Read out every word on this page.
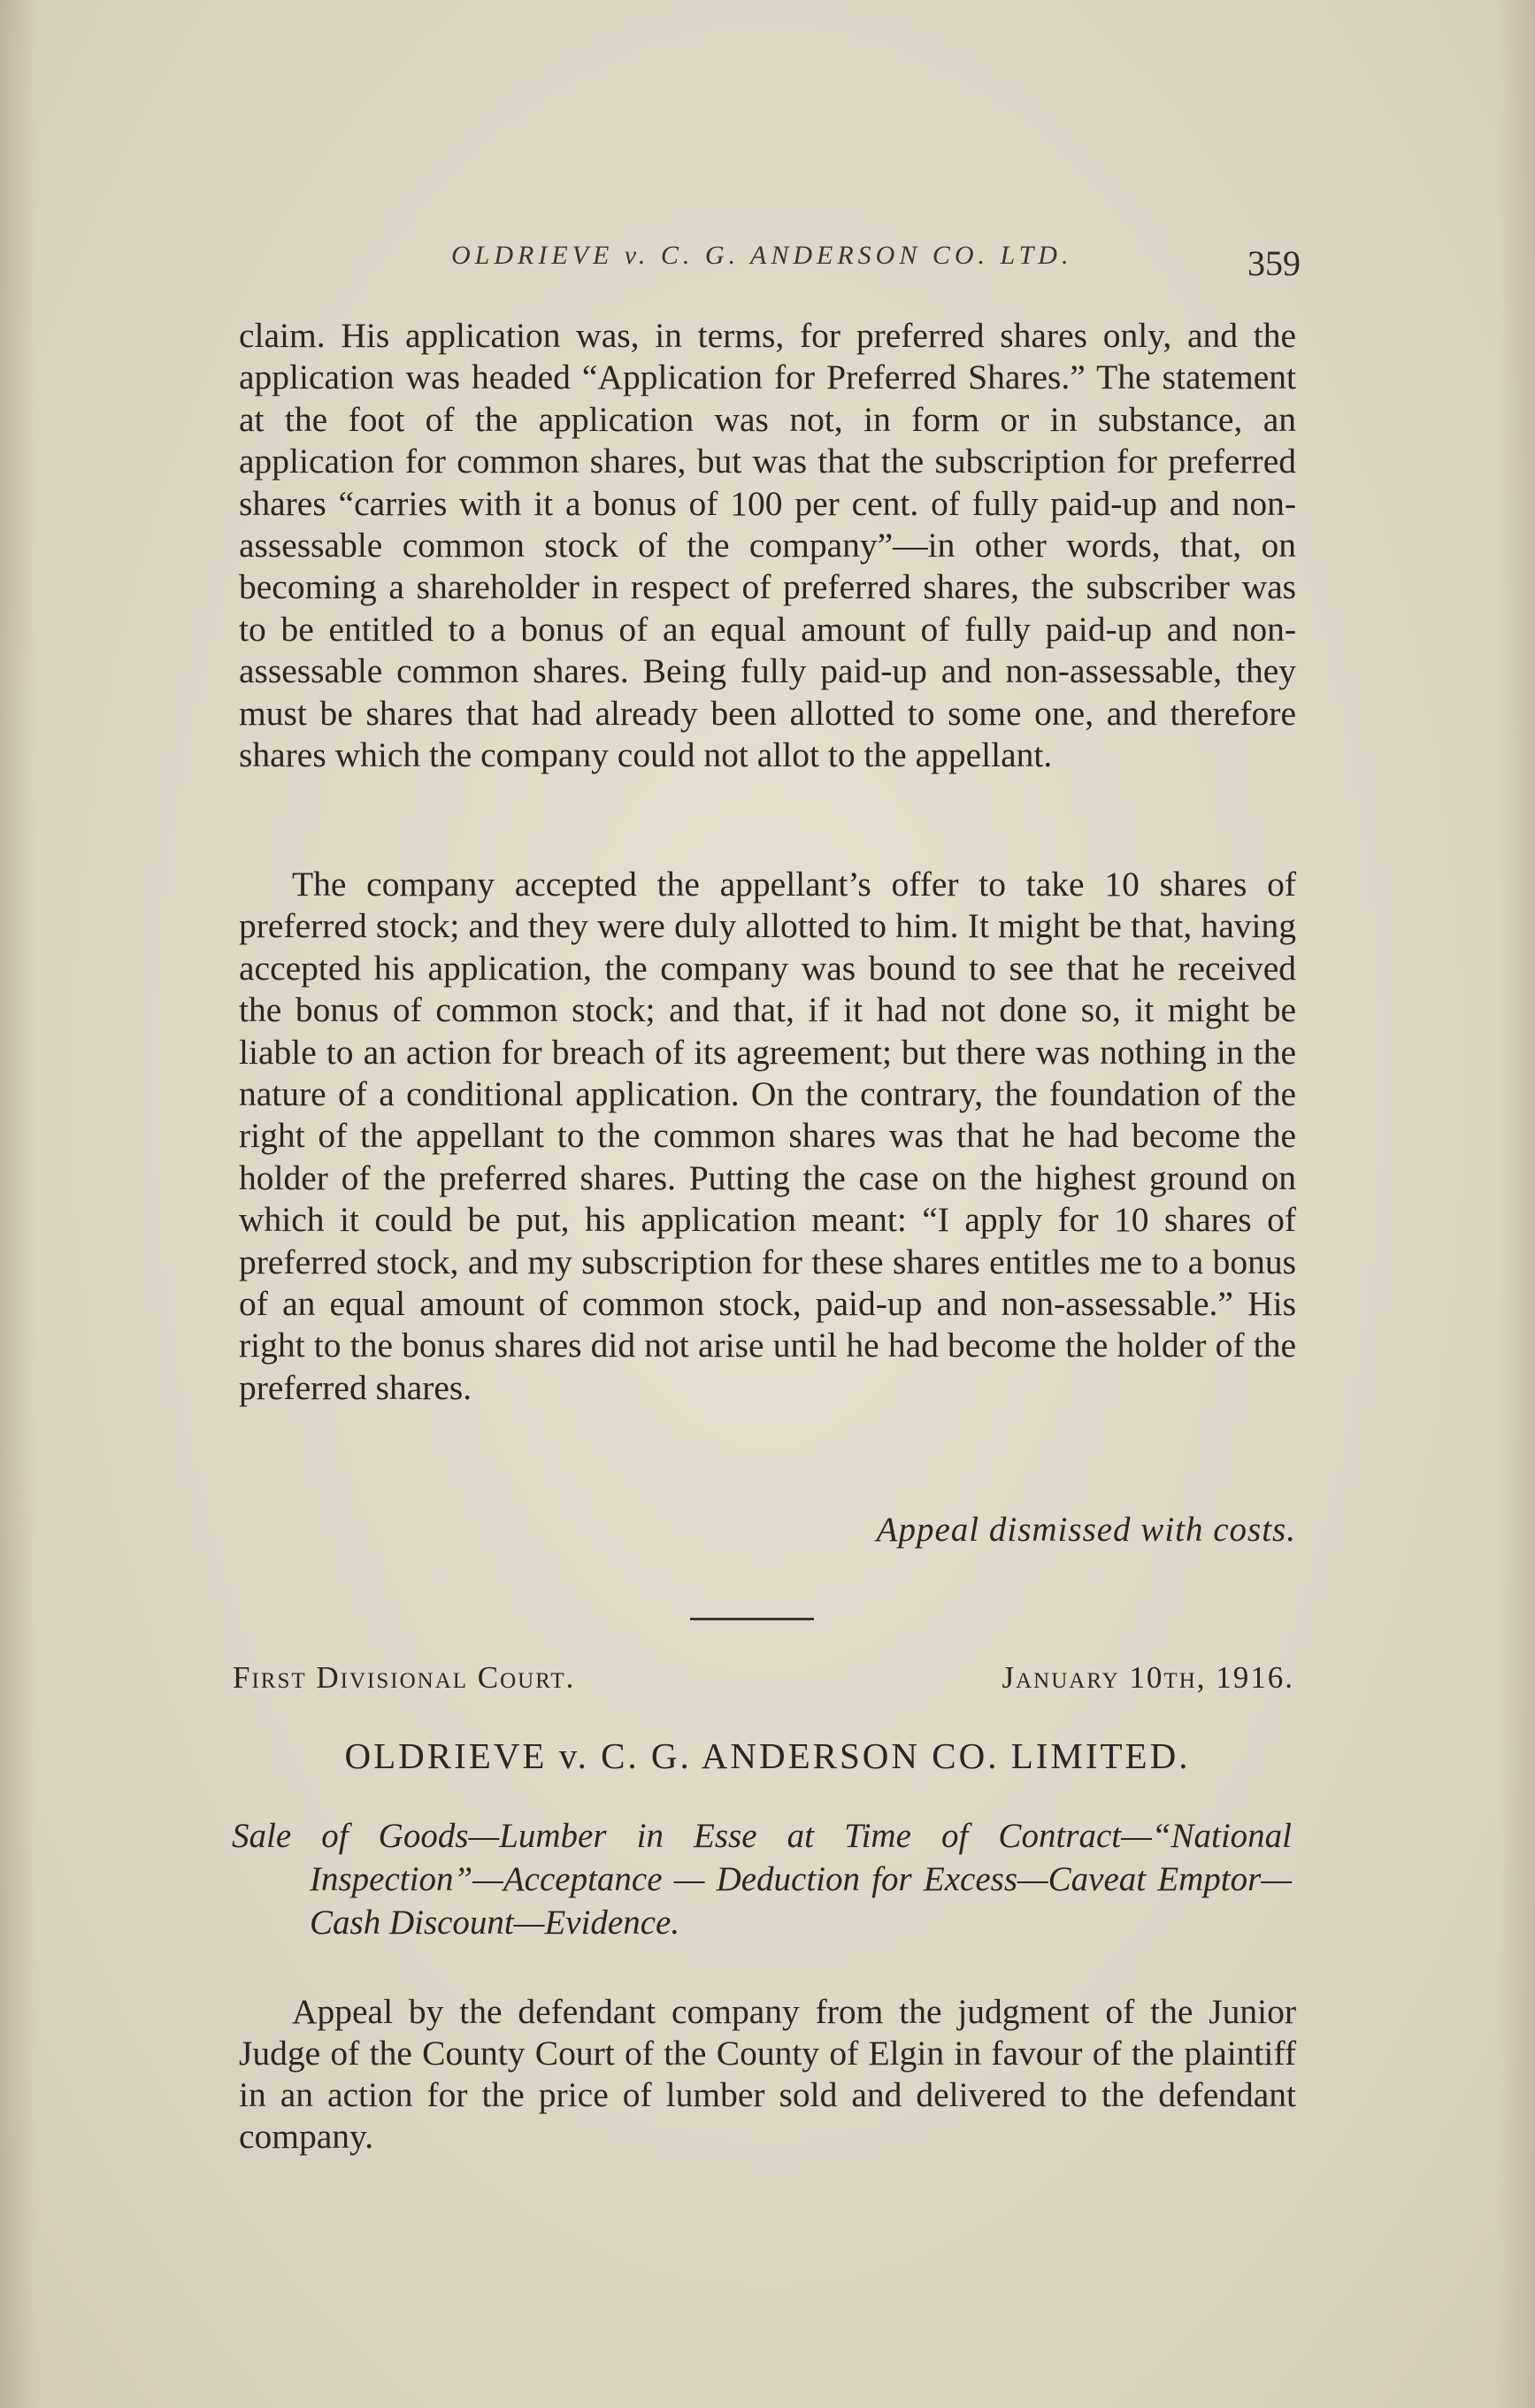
OLDRIEVE v. C. G. ANDERSON CO. LTD.	359

claim. His application was, in terms, for preferred shares only, and the application was headed “Application for Preferred Shares.” The statement at the foot of the application was not, in form or in substance, an application for common shares, but was that the subscription for preferred shares “carries with it a bonus of 100 per cent. of fully paid-up and non-assessable common stock of the company”—in other words, that, on becoming a shareholder in respect of preferred shares, the subscriber was to be entitled to a bonus of an equal amount of fully paid-up and non-assessable common shares. Being fully paid-up and non-assessable, they must be shares that had already been allotted to some one, and therefore shares which the company could not allot to the appellant.

The company accepted the appellant’s offer to take 10 shares of preferred stock; and they were duly allotted to him. It might be that, having accepted his application, the company was bound to see that he received the bonus of common stock; and that, if it had not done so, it might be liable to an action for breach of its agreement; but there was nothing in the nature of a conditional application. On the contrary, the foundation of the right of the appellant to the common shares was that he had become the holder of the preferred shares. Putting the case on the highest ground on which it could be put, his application meant: “I apply for 10 shares of preferred stock, and my subscription for these shares entitles me to a bonus of an equal amount of common stock, paid-up and non-assessable.” His right to the bonus shares did not arise until he had become the holder of the preferred shares.

Appeal dismissed with costs.
First Divisional Court.	January 10th, 1916.
OLDRIEVE v. C. G. ANDERSON CO. LIMITED.

Sale of Goods—Lumber in Esse at Time of Contract—“National Inspection”—Acceptance — Deduction for Excess—Caveat Emptor—Cash Discount—Evidence.

Appeal by the defendant company from the judgment of the Junior Judge of the County Court of the County of Elgin in favour of the plaintiff in an action for the price of lumber sold and delivered to the defendant company.
